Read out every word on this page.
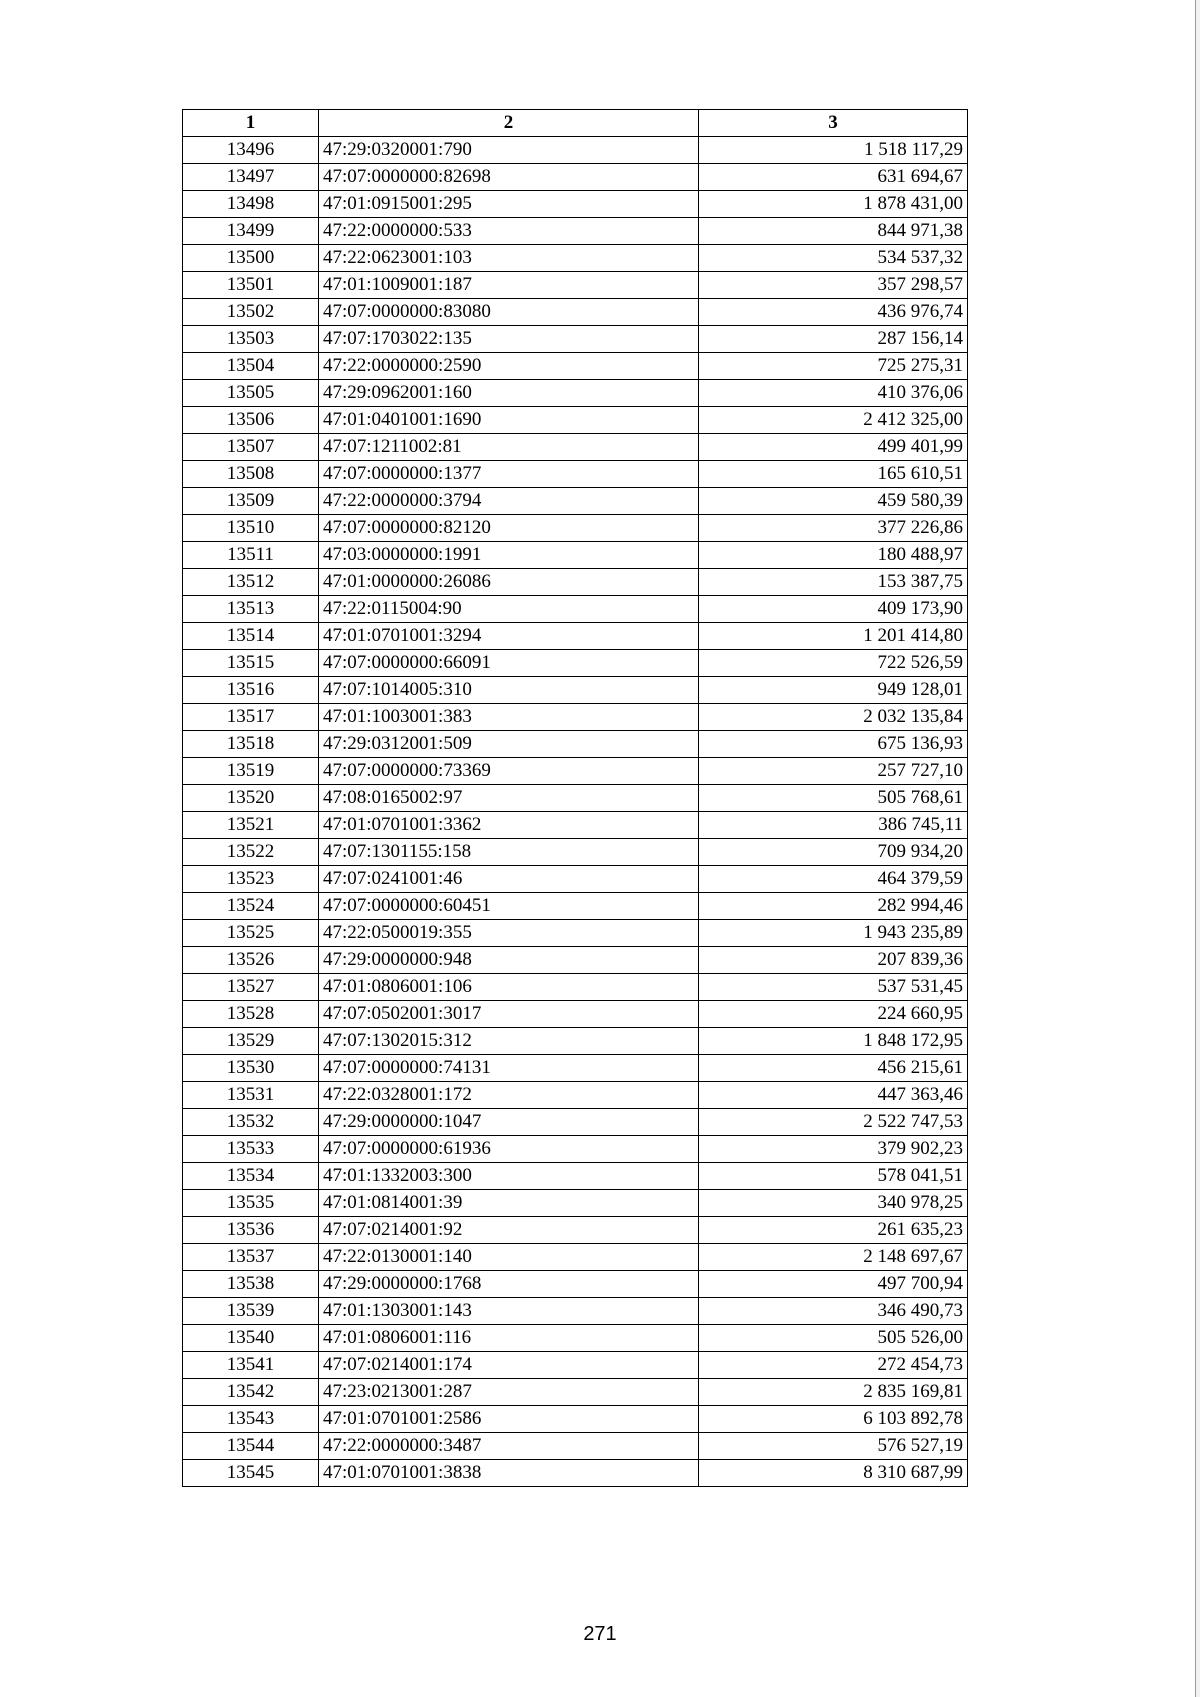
1	2	3
13496	47:29:0320001:790	1 518 117,29
13497	47:07:0000000:82698	631 694,67
13498	47:01:0915001:295	1 878 431,00
13499	47:22:0000000:533	844 971,38
13500	47:22:0623001:103	534 537,32
13501	47:01:1009001:187	357 298,57
13502	47:07:0000000:83080	436 976,74
13503	47:07:1703022:135	287 156,14
13504	47:22:0000000:2590	725 275,31
13505	47:29:0962001:160	410 376,06
13506	47:01:0401001:1690	2 412 325,00
13507	47:07:1211002:81	499 401,99
13508	47:07:0000000:1377	165 610,51
13509	47:22:0000000:3794	459 580,39
13510	47:07:0000000:82120	377 226,86
13511	47:03:0000000:1991	180 488,97
13512	47:01:0000000:26086	153 387,75
13513	47:22:0115004:90	409 173,90
13514	47:01:0701001:3294	1 201 414,80
13515	47:07:0000000:66091	722 526,59
13516	47:07:1014005:310	949 128,01
13517	47:01:1003001:383	2 032 135,84
13518	47:29:0312001:509	675 136,93
13519	47:07:0000000:73369	257 727,10
13520	47:08:0165002:97	505 768,61
13521	47:01:0701001:3362	386 745,11
13522	47:07:1301155:158	709 934,20
13523	47:07:0241001:46	464 379,59
13524	47:07:0000000:60451	282 994,46
13525	47:22:0500019:355	1 943 235,89
13526	47:29:0000000:948	207 839,36
13527	47:01:0806001:106	537 531,45
13528	47:07:0502001:3017	224 660,95
13529	47:07:1302015:312	1 848 172,95
13530	47:07:0000000:74131	456 215,61
13531	47:22:0328001:172	447 363,46
13532	47:29:0000000:1047	2 522 747,53
13533	47:07:0000000:61936	379 902,23
13534	47:01:1332003:300	578 041,51
13535	47:01:0814001:39	340 978,25
13536	47:07:0214001:92	261 635,23
13537	47:22:0130001:140	2 148 697,67
13538	47:29:0000000:1768	497 700,94
13539	47:01:1303001:143	346 490,73
13540	47:01:0806001:116	505 526,00
13541	47:07:0214001:174	272 454,73
13542	47:23:0213001:287	2 835 169,81
13543	47:01:0701001:2586	6 103 892,78
13544	47:22:0000000:3487	576 527,19
13545	47:01:0701001:3838	8 310 687,99
271
